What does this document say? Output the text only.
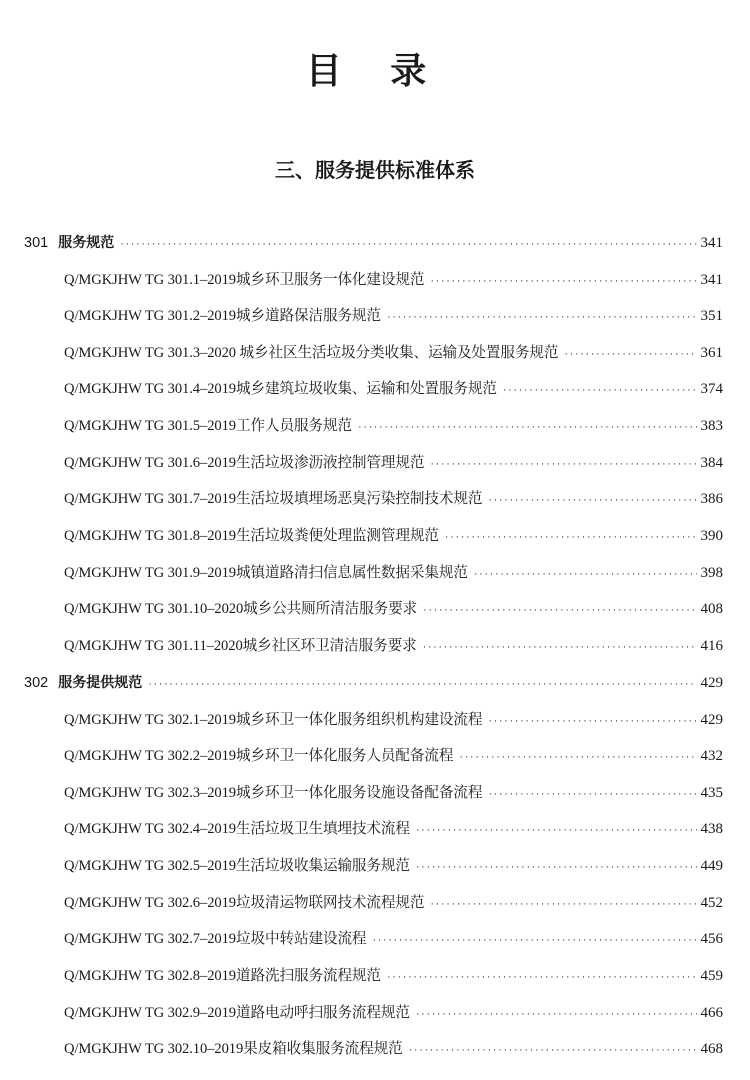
目 录
三、服务提供标准体系
301 服务规范 ·····	341
Q/MGKJHW TG 301.1–2019城乡环卫服务一体化建设规范 ·····	341
Q/MGKJHW TG 301.2–2019城乡道路保洁服务规范 ·····	351
Q/MGKJHW TG 301.3–2020 城乡社区生活垃圾分类收集、运输及处置服务规范 ·····	361
Q/MGKJHW TG 301.4–2019城乡建筑垃圾收集、运输和处置服务规范 ·····	374
Q/MGKJHW TG 301.5–2019工作人员服务规范 ·····	383
Q/MGKJHW TG 301.6–2019生活垃圾渗沥液控制管理规范 ·····	384
Q/MGKJHW TG 301.7–2019生活垃圾填埋场恶臭污染控制技术规范 ·····	386
Q/MGKJHW TG 301.8–2019生活垃圾粪便处理监测管理规范 ·····	390
Q/MGKJHW TG 301.9–2019城镇道路清扫信息属性数据采集规范 ·····	398
Q/MGKJHW TG 301.10–2020城乡公共厕所清洁服务要求 ·····	408
Q/MGKJHW TG 301.11–2020城乡社区环卫清洁服务要求 ·····	416
302 服务提供规范 ·····	429
Q/MGKJHW TG 302.1–2019城乡环卫一体化服务组织机构建设流程 ·····	429
Q/MGKJHW TG 302.2–2019城乡环卫一体化服务人员配备流程 ·····	432
Q/MGKJHW TG 302.3–2019城乡环卫一体化服务设施设备配备流程 ·····	435
Q/MGKJHW TG 302.4–2019生活垃圾卫生填埋技术流程 ·····	438
Q/MGKJHW TG 302.5–2019生活垃圾收集运输服务规范 ·····	449
Q/MGKJHW TG 302.6–2019垃圾清运物联网技术流程规范 ·····	452
Q/MGKJHW TG 302.7–2019垃圾中转站建设流程 ·····	456
Q/MGKJHW TG 302.8–2019道路洗扫服务流程规范 ·····	459
Q/MGKJHW TG 302.9–2019道路电动呼扫服务流程规范 ·····	466
Q/MGKJHW TG 302.10–2019果皮箱收集服务流程规范 ·····	468
